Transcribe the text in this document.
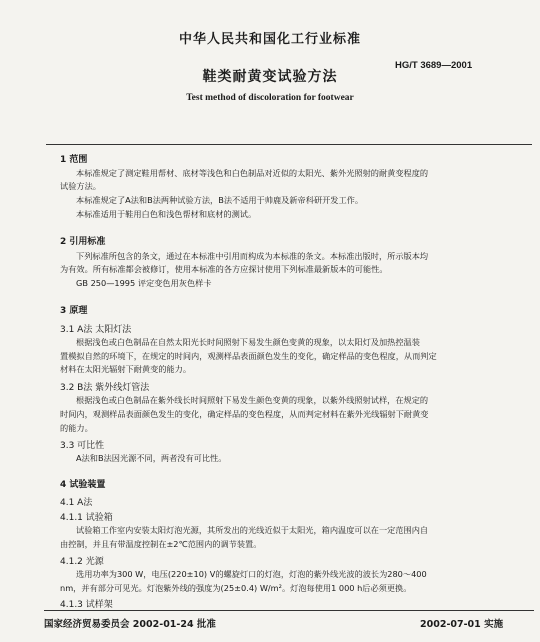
中华人民共和国化工行业标准
HG/T 3689—2001
鞋类耐黄变试验方法
Test method of discoloration for footwear
1 范围
本标准规定了测定鞋用帮材、底材等浅色和白色制品对近似的太阳光、紫外光照射的耐黄变程度的
试验方法。
本标准规定了A法和B法两种试验方法，B法不适用于帅鹿及新帝科研开发工作。
本标准适用于鞋用白色和浅色帮材和底材的测试。
2 引用标准
下列标准所包含的条文，通过在本标准中引用而构成为本标准的条文。本标准出版时，所示版本均
为有效。所有标准都会被修订，使用本标准的各方应探讨使用下列标准最新版本的可能性。
GB 250—1995 评定变色用灰色样卡
3 原理
3.1 A法 太阳灯法
根据浅色或白色制品在自然太阳光长时间照射下易发生颜色变黄的现象，以太阳灯及加热控温装
置模拟自然的环境下，在规定的时间内，观测样品表面颜色发生的变化，确定样品的变色程度，从而判定
材料在太阳光辐射下耐黄变的能力。
3.2 B法 紫外线灯管法
根据浅色或白色制品在紫外线长时间照射下易发生颜色变黄的现象，以紫外线照射试样，在规定的
时间内，观测样品表面颜色发生的变化，确定样品的变色程度，从而判定材料在紫外光线辐射下耐黄变
的能力。
3.3 可比性
A法和B法因光源不同，两者没有可比性。
4 试验装置
4.1 A法
4.1.1 试验箱
试验箱工作室内安装太阳灯泡光源，其所发出的光线近似于太阳光，箱内温度可以在一定范围内自
由控制，并且有带温度控制在±2℃范围内的调节装置。
4.1.2 光源
选用功率为300 W，电压(220±10) V的螺旋灯口的灯泡，灯泡的紫外线光波的波长为280～400
nm，并有部分可见光。灯泡紫外线的强度为(25±0.4) W/m²。灯泡每使用1 000 h后必须更换。
4.1.3 试样架
国家经济贸易委员会 2002-01-24 批准	2002-07-01 实施
